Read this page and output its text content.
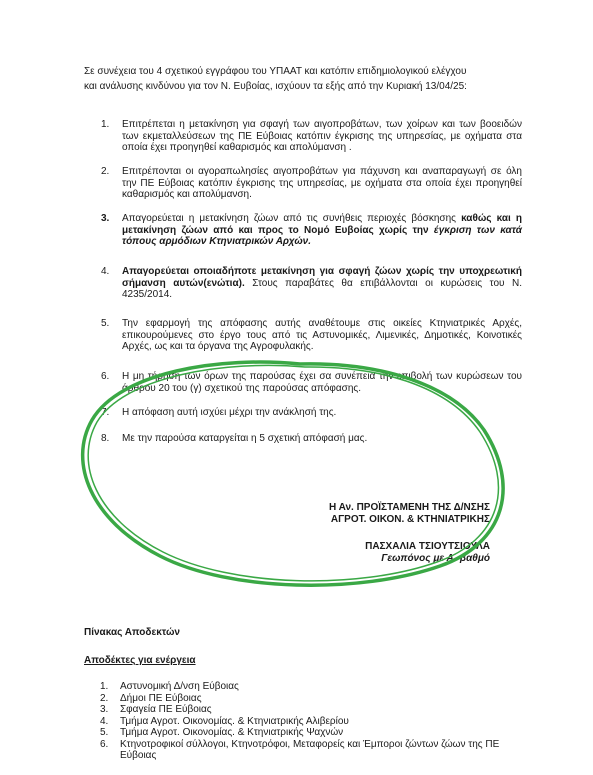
Σε συνέχεια του 4 σχετικού εγγράφου του ΥΠΑΑΤ και κατόπιν επιδημιολογικού ελέγχου
και ανάλυσης κινδύνου για τον Ν. Ευβοίας, ισχύουν τα εξής από την Κυριακή 13/04/25:
1.	Επιτρέπεται η μετακίνηση για σφαγή των αιγοπροβάτων, των χοίρων και των βοοειδών των εκμεταλλεύσεων της ΠΕ Εύβοιας κατόπιν έγκρισης της υπηρεσίας, με οχήματα στα οποία έχει προηγηθεί καθαρισμός και απολύμανση .
2.	Επιτρέπονται οι αγοραπωλησίες αιγοπροβάτων για πάχυνση και αναπαραγωγή σε όλη την ΠΕ Εύβοιας κατόπιν έγκρισης της υπηρεσίας, με οχήματα στα οποία έχει προηγηθεί καθαρισμός και απολύμανση.
3.	Απαγορεύεται η μετακίνηση ζώων από τις συνήθεις περιοχές βόσκησης καθώς και η μετακίνηση ζώων από και προς το Νομό Ευβοίας χωρίς την έγκριση των κατά τόπους αρμόδιων Κτηνιατρικών Αρχών.
4.	Απαγορεύεται οποιαδήποτε μετακίνηση για σφαγή ζώων χωρίς την υποχρεωτική σήμανση αυτών(ενώτια). Στους παραβάτες θα επιβάλλονται οι κυρώσεις του Ν. 4235/2014.
5.	Την εφαρμογή της απόφασης αυτής αναθέτουμε στις οικείες Κτηνιατρικές Αρχές, επικουρούμενες στο έργο τους από τις Αστυνομικές, Λιμενικές, Δημοτικές, Κοινοτικές Αρχές, ως και τα όργανα της Αγροφυλακής.
6.	Η μη τήρηση των όρων της παρούσας έχει σα συνέπεια την επιβολή των κυρώσεων του άρθρου 20 του (γ) σχετικού της παρούσας απόφασης.
7.	Η απόφαση αυτή ισχύει μέχρι την ανάκλησή της.
8.	Με την παρούσα καταργείται η 5 σχετική απόφασή μας.
Η Αν. ΠΡΟΪΣΤΑΜΕΝΗ ΤΗΣ Δ/ΝΣΗΣ
ΑΓΡΟΤ. ΟΙΚΟΝ. & ΚΤΗΝΙΑΤΡΙΚΗΣ
ΠΑΣΧΑΛΙΑ ΤΣΙΟΥΤΣΙΟΥΛΑ
Γεωπόνος με Α΄ βαθμό
Πίνακας Αποδεκτών
Αποδέκτες για ενέργεια
1. Αστυνομική Δ/νση Εύβοιας
2. Δήμοι ΠΕ Εύβοιας
3. Σφαγεία ΠΕ Εύβοιας
4. Τμήμα Αγροτ. Οικονομίας. & Κτηνιατρικής Αλιβερίου
5. Τμήμα Αγροτ. Οικονομίας. & Κτηνιατρικής Ψαχνών
6. Κτηνοτροφικοί σύλλογοι, Κτηνοτρόφοι, Μεταφορείς και Έμποροι ζώντων ζώων της ΠΕ Εύβοιας
